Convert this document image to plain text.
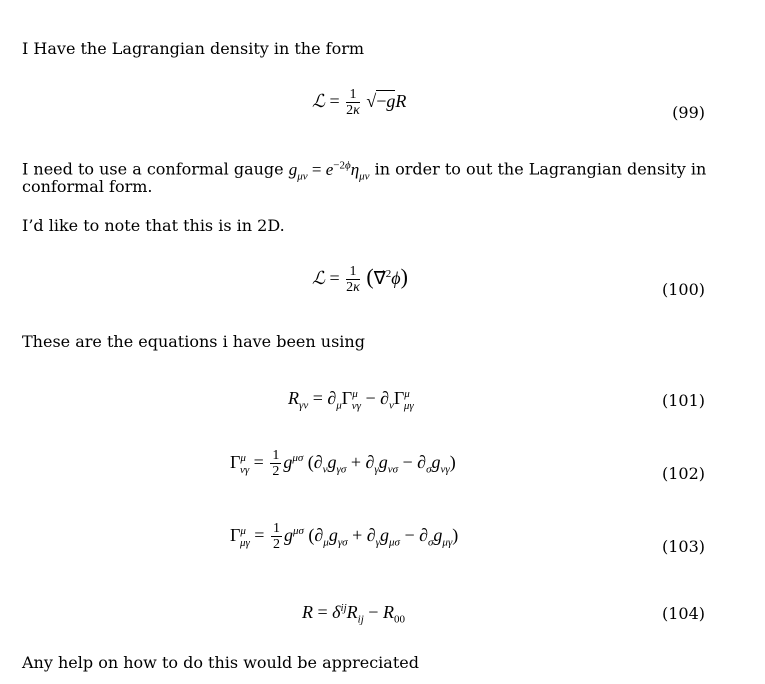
I Have the Lagrangian density in the form
ℒ = $\frac{1}{2\kappa} √-gR$
(99)
I need to use a conformal gauge $g_{\mu\nu} = e^{-2\phi}\eta_{\mu\nu}$ in order to out the Lagrangian density in
conformal form.
I’d like to note that this is in 2D.
ℒ = $\frac{1}{2\kappa}$ (∇⃗$^2$ϕ)
(100)
These are the equations i have been using
$R_{\gamma\nu} = \partial_\mu\Gamma^\mu_{\nu\gamma} - \partial_\nu\Gamma^\mu_{\mu\gamma}$	(101)
$\Gamma^\mu_{\nu\gamma} = \frac{1}{2} g^{\mu\sigma}$ $(\partial_\nu g_{\gamma\sigma} + \partial_\gamma g_{\nu\sigma} - \partial_\sigma g_{\nu\gamma})$
(102)
$\Gamma^\mu_{\mu\gamma} = \frac{1}{2} g^{\mu\sigma}$ $(\partial_\mu g_{\gamma\sigma} + \partial_\gamma g_{\mu\sigma} - \partial_\sigma g_{\mu\gamma})$
(103)
$R = \delta^{ij}R_{ij} - R_{00}$	(104)
Any help on how to do this would be appreciated
